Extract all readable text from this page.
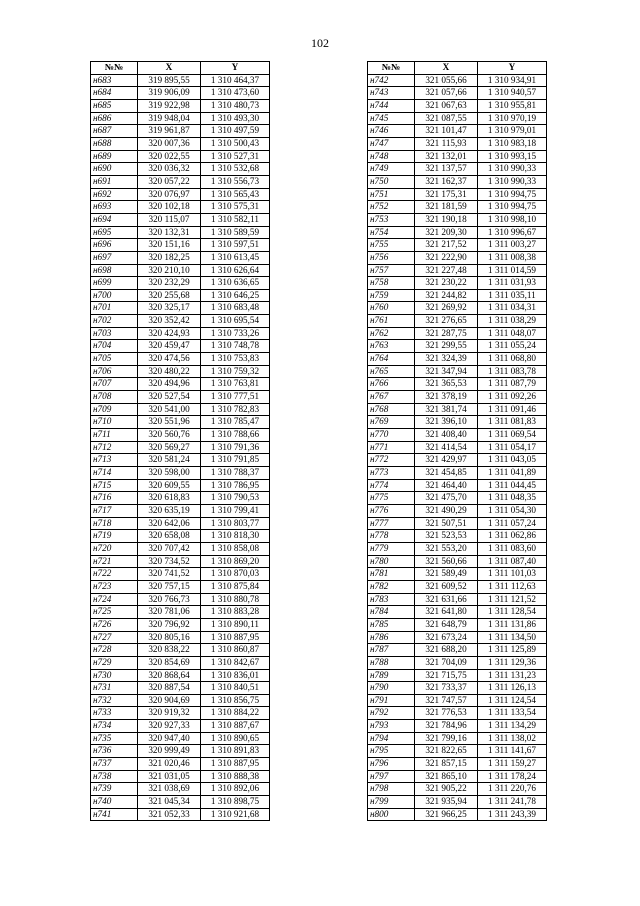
102
№№	X	Y
н683	319 895,55	1 310 464,37
н684	319 906,09	1 310 473,60
н685	319 922,98	1 310 480,73
н686	319 948,04	1 310 493,30
н687	319 961,87	1 310 497,59
н688	320 007,36	1 310 500,43
н689	320 022,55	1 310 527,31
н690	320 036,32	1 310 532,68
н691	320 057,22	1 310 556,73
н692	320 076,97	1 310 565,43
н693	320 102,18	1 310 575,31
н694	320 115,07	1 310 582,11
н695	320 132,31	1 310 589,59
н696	320 151,16	1 310 597,51
н697	320 182,25	1 310 613,45
н698	320 210,10	1 310 626,64
н699	320 232,29	1 310 636,65
н700	320 255,68	1 310 646,25
н701	320 325,17	1 310 683,48
н702	320 352,42	1 310 695,54
н703	320 424,93	1 310 733,26
н704	320 459,47	1 310 748,78
н705	320 474,56	1 310 753,83
н706	320 480,22	1 310 759,32
н707	320 494,96	1 310 763,81
н708	320 527,54	1 310 777,51
н709	320 541,00	1 310 782,83
н710	320 551,96	1 310 785,47
н711	320 560,76	1 310 788,66
н712	320 569,27	1 310 791,36
н713	320 581,24	1 310 791,85
н714	320 598,00	1 310 788,37
н715	320 609,55	1 310 786,95
н716	320 618,83	1 310 790,53
н717	320 635,19	1 310 799,41
н718	320 642,06	1 310 803,77
н719	320 658,08	1 310 818,30
н720	320 707,42	1 310 858,08
н721	320 734,52	1 310 869,20
н722	320 741,52	1 310 870,03
н723	320 757,15	1 310 875,84
н724	320 766,73	1 310 880,78
н725	320 781,06	1 310 883,28
н726	320 796,92	1 310 890,11
н727	320 805,16	1 310 887,95
н728	320 838,22	1 310 860,87
н729	320 854,69	1 310 842,67
н730	320 868,64	1 310 836,01
н731	320 887,54	1 310 840,51
н732	320 904,69	1 310 856,75
н733	320 919,32	1 310 884,22
н734	320 927,33	1 310 887,67
н735	320 947,40	1 310 890,65
н736	320 999,49	1 310 891,83
н737	321 020,46	1 310 887,95
н738	321 031,05	1 310 888,38
н739	321 038,69	1 310 892,06
н740	321 045,34	1 310 898,75
н741	321 052,33	1 310 921,68
№№	X	Y
н742	321 055,66	1 310 934,91
н743	321 057,66	1 310 940,57
н744	321 067,63	1 310 955,81
н745	321 087,55	1 310 970,19
н746	321 101,47	1 310 979,01
н747	321 115,93	1 310 983,18
н748	321 132,01	1 310 993,15
н749	321 137,57	1 310 990,33
н750	321 162,37	1 310 990,33
н751	321 175,31	1 310 994,75
н752	321 181,59	1 310 994,75
н753	321 190,18	1 310 998,10
н754	321 209,30	1 310 996,67
н755	321 217,52	1 311 003,27
н756	321 222,90	1 311 008,38
н757	321 227,48	1 311 014,59
н758	321 230,22	1 311 031,93
н759	321 244,82	1 311 035,11
н760	321 269,92	1 311 034,31
н761	321 276,65	1 311 038,29
н762	321 287,75	1 311 048,07
н763	321 299,55	1 311 055,24
н764	321 324,39	1 311 068,80
н765	321 347,94	1 311 083,78
н766	321 365,53	1 311 087,79
н767	321 378,19	1 311 092,26
н768	321 381,74	1 311 091,46
н769	321 396,10	1 311 081,83
н770	321 408,40	1 311 069,54
н771	321 414,54	1 311 054,17
н772	321 429,97	1 311 043,05
н773	321 454,85	1 311 041,89
н774	321 464,40	1 311 044,45
н775	321 475,70	1 311 048,35
н776	321 490,29	1 311 054,30
н777	321 507,51	1 311 057,24
н778	321 523,53	1 311 062,86
н779	321 553,20	1 311 083,60
н780	321 560,66	1 311 087,40
н781	321 589,49	1 311 101,03
н782	321 609,52	1 311 112,63
н783	321 631,66	1 311 121,52
н784	321 641,80	1 311 128,54
н785	321 648,79	1 311 131,86
н786	321 673,24	1 311 134,50
н787	321 688,20	1 311 125,89
н788	321 704,09	1 311 129,36
н789	321 715,75	1 311 131,23
н790	321 733,37	1 311 126,13
н791	321 747,57	1 311 124,54
н792	321 776,53	1 311 133,54
н793	321 784,96	1 311 134,29
н794	321 799,16	1 311 138,02
н795	321 822,65	1 311 141,67
н796	321 857,15	1 311 159,27
н797	321 865,10	1 311 178,24
н798	321 905,22	1 311 220,76
н799	321 935,94	1 311 241,78
н800	321 966,25	1 311 243,39
